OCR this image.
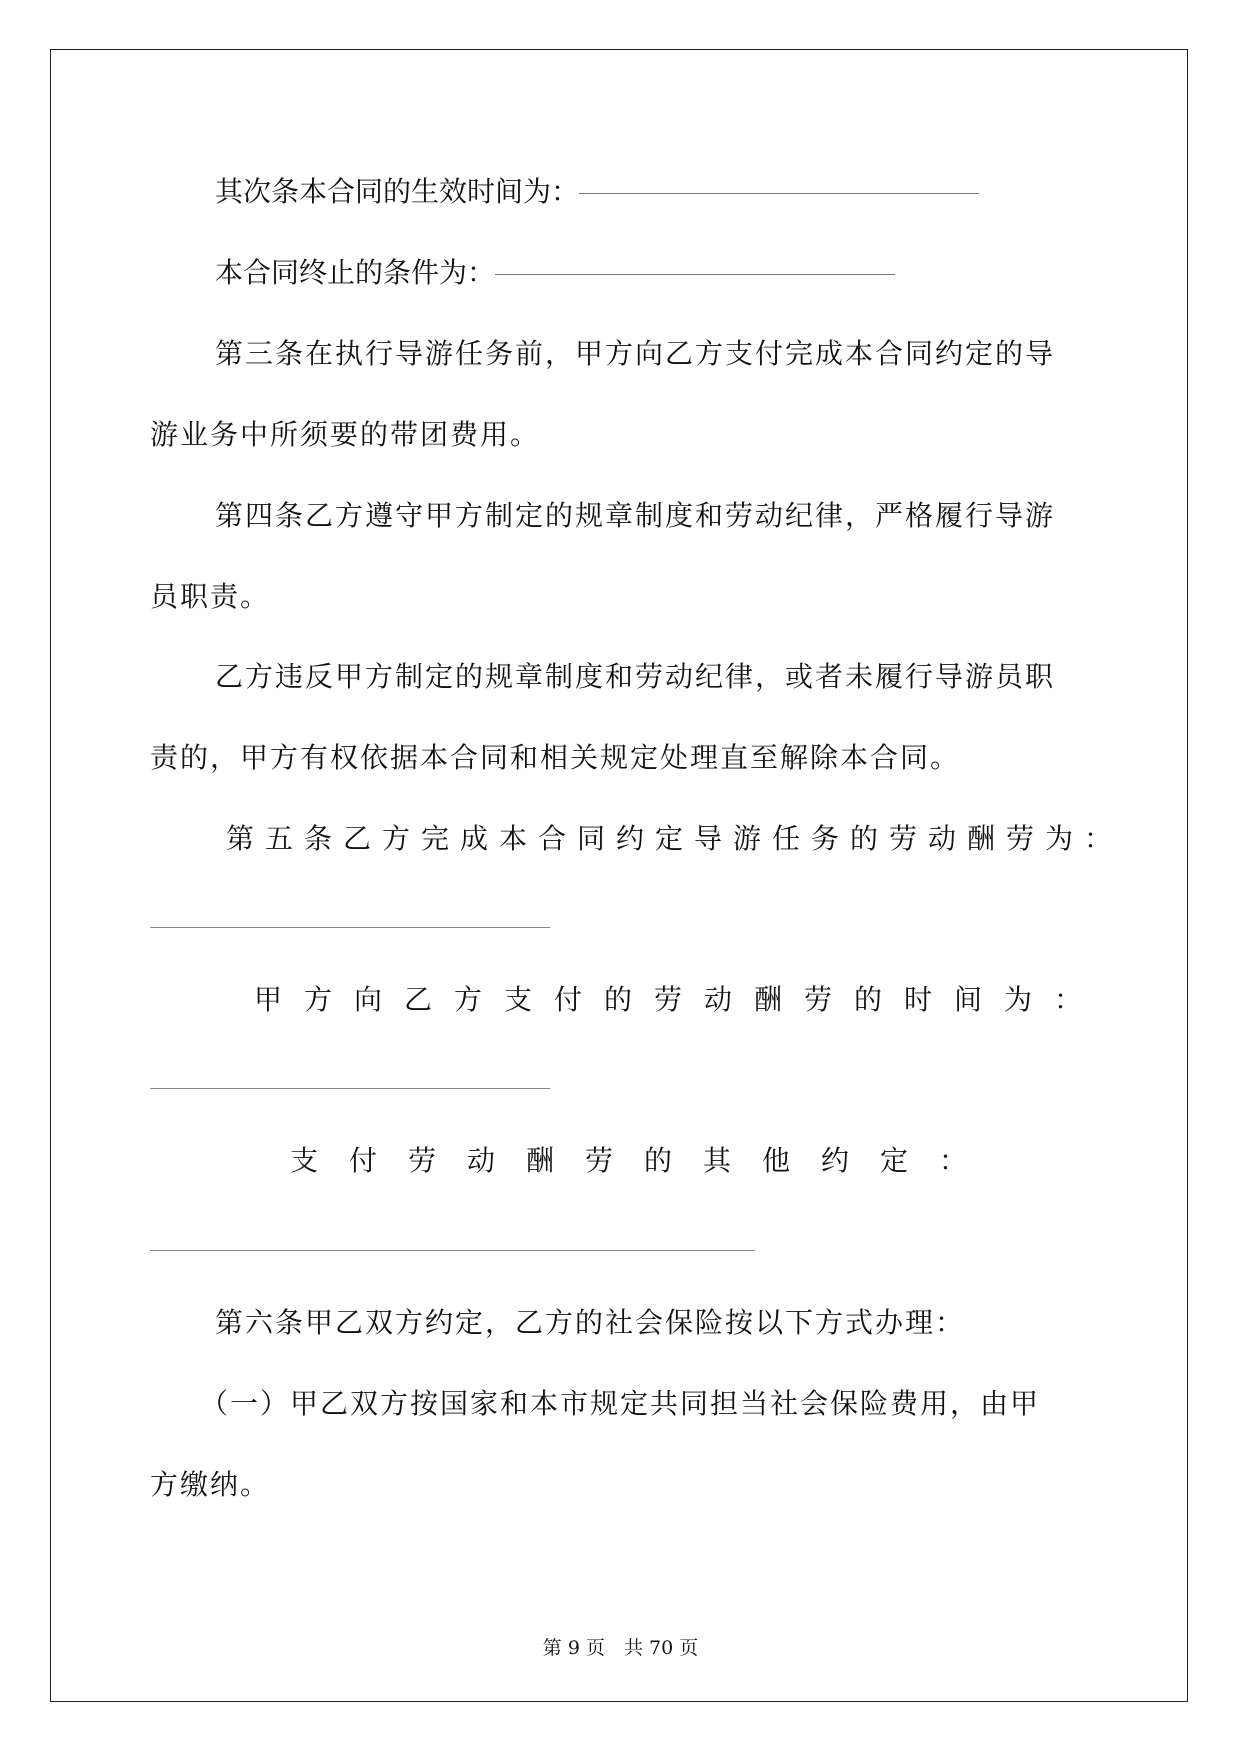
其次条本合同的生效时间为：
本合同终止的条件为：
第三条在执行导游任务前，甲方向乙方支付完成本合同约定的导
游业务中所须要的带团费用。
第四条乙方遵守甲方制定的规章制度和劳动纪律，严格履行导游
员职责。
乙方违反甲方制定的规章制度和劳动纪律，或者未履行导游员职
责的，甲方有权依据本合同和相关规定处理直至解除本合同。
第五条乙方完成本合同约定导游任务的劳动酬劳为：
甲方向乙方支付的劳动酬劳的时间为：
支付劳动酬劳的其他约定：
第六条甲乙双方约定，乙方的社会保险按以下方式办理：
（一）甲乙双方按国家和本市规定共同担当社会保险费用，由甲
方缴纳。
第 9 页　共 70 页
